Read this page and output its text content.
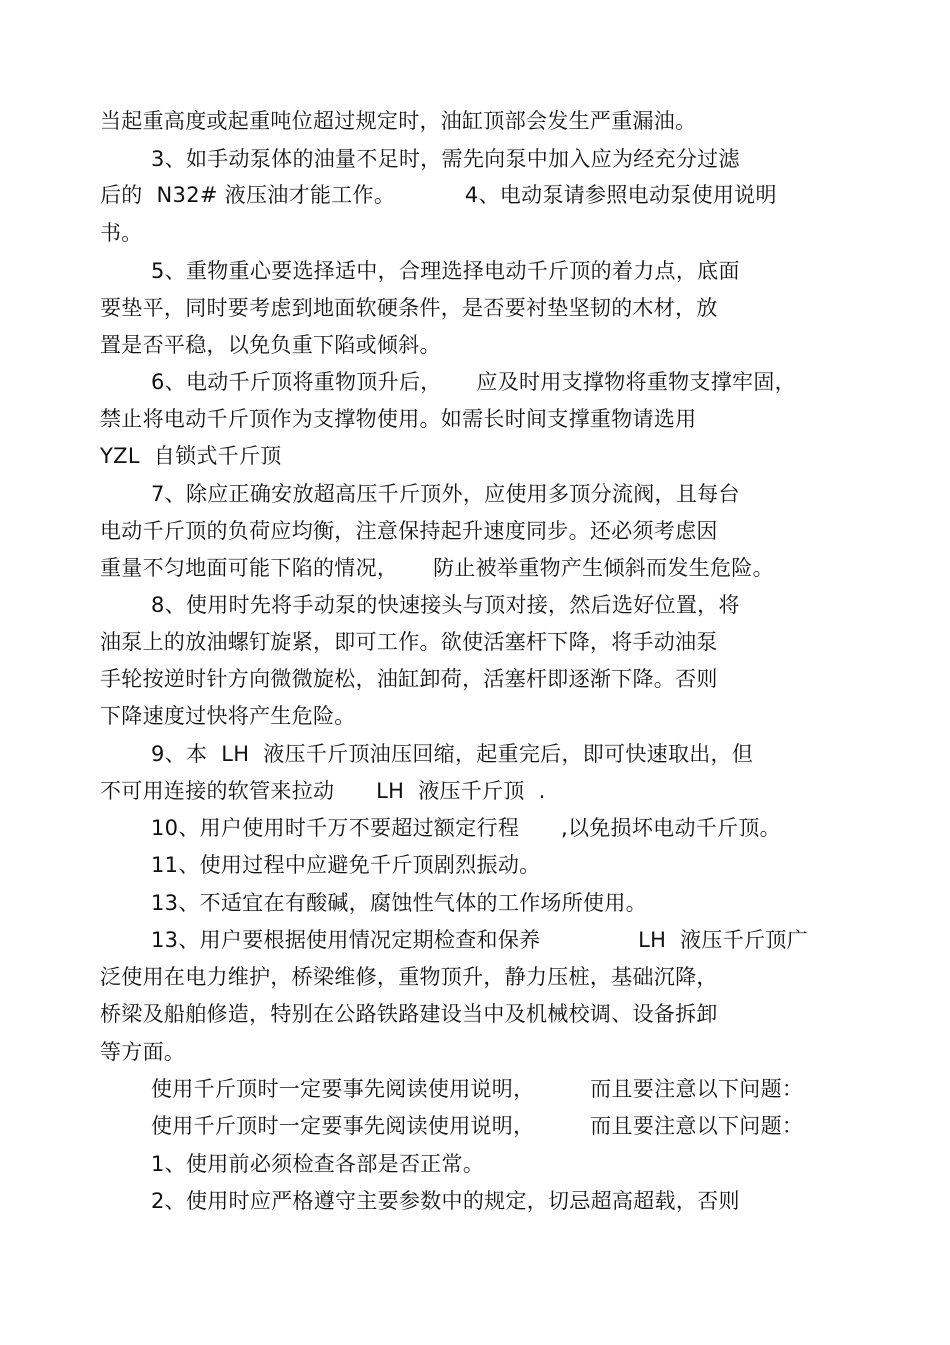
当起重高度或起重吨位超过规定时，油缸顶部会发生严重漏油。
3、如手动泵体的油量不足时，需先向泵中加入应为经充分过滤
后的  N32# 液压油才能工作。          4、电动泵请参照电动泵使用说明
书。
5、重物重心要选择适中，合理选择电动千斤顶的着力点，底面
要垫平，同时要考虑到地面软硬条件，是否要衬垫坚韧的木材，放
置是否平稳，以免负重下陷或倾斜。
6、电动千斤顶将重物顶升后，     应及时用支撑物将重物支撑牢固，
禁止将电动千斤顶作为支撑物使用。如需长时间支撑重物请选用
YZL  自锁式千斤顶
7、除应正确安放超高压千斤顶外，应使用多顶分流阀，且每台
电动千斤顶的负荷应均衡，注意保持起升速度同步。还必须考虑因
重量不匀地面可能下陷的情况，     防止被举重物产生倾斜而发生危险。
8、使用时先将手动泵的快速接头与顶对接，然后选好位置，将
油泵上的放油螺钉旋紧，即可工作。欲使活塞杆下降，将手动油泵
手轮按逆时针方向微微旋松，油缸卸荷，活塞杆即逐渐下降。否则
下降速度过快将产生危险。
9、本  LH  液压千斤顶油压回缩，起重完后，即可快速取出，但
不可用连接的软管来拉动      LH  液压千斤顶  .
10、用户使用时千万不要超过额定行程      ,以免损坏电动千斤顶。
11、使用过程中应避免千斤顶剧烈振动。
13、不适宜在有酸碱，腐蚀性气体的工作场所使用。
13、用户要根据使用情况定期检查和保养              LH  液压千斤顶广
泛使用在电力维护，桥梁维修，重物顶升，静力压桩，基础沉降，
桥梁及船舶修造，特别在公路铁路建设当中及机械校调、设备拆卸
等方面。
使用千斤顶时一定要事先阅读使用说明，        而且要注意以下问题：
使用千斤顶时一定要事先阅读使用说明，        而且要注意以下问题：
1、使用前必须检查各部是否正常。
2、使用时应严格遵守主要参数中的规定，切忌超高超载，否则
